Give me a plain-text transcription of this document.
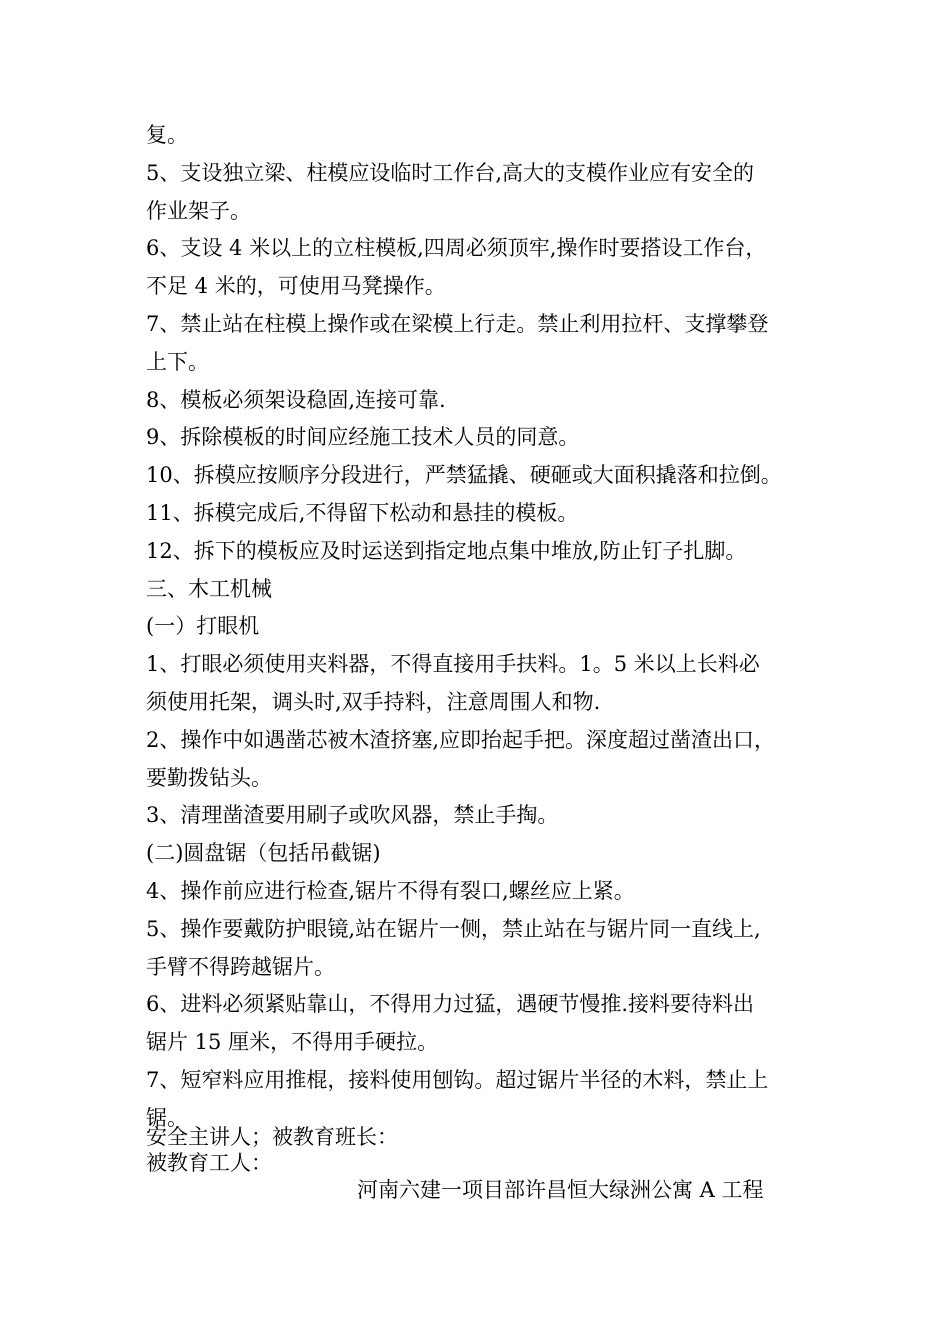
复。

5、支设独立梁、柱模应设临时工作台,高大的支模作业应有安全的

作业架子。

6、支设 4 米以上的立柱模板,四周必须顶牢,操作时要搭设工作台，

不足 4 米的，可使用马凳操作。

7、禁止站在柱模上操作或在梁模上行走。禁止利用拉杆、支撑攀登

上下。

8、模板必须架设稳固,连接可靠.

9、拆除模板的时间应经施工技术人员的同意。

10、拆模应按顺序分段进行，严禁猛撬、硬砸或大面积撬落和拉倒。

11、拆模完成后,不得留下松动和悬挂的模板。

12、拆下的模板应及时运送到指定地点集中堆放,防止钉子扎脚。

三、木工机械

(一）打眼机

1、打眼必须使用夹料器，不得直接用手扶料。1。5 米以上长料必

须使用托架，调头时,双手持料，注意周围人和物.

2、操作中如遇凿芯被木渣挤塞,应即抬起手把。深度超过凿渣出口，

要勤拨钻头。

3、清理凿渣要用刷子或吹风器，禁止手掏。

(二)圆盘锯（包括吊截锯)

4、操作前应进行检查,锯片不得有裂口,螺丝应上紧。

5、操作要戴防护眼镜,站在锯片一侧，禁止站在与锯片同一直线上,

手臂不得跨越锯片。

6、进料必须紧贴靠山，不得用力过猛，遇硬节慢推.接料要待料出

锯片 15 厘米，不得用手硬拉。

7、短窄料应用推棍，接料使用刨钩。超过锯片半径的木料，禁止上

锯。

安全主讲人；被教育班长：

被教育工人：

河南六建一项目部许昌恒大绿洲公寓 A 工程
